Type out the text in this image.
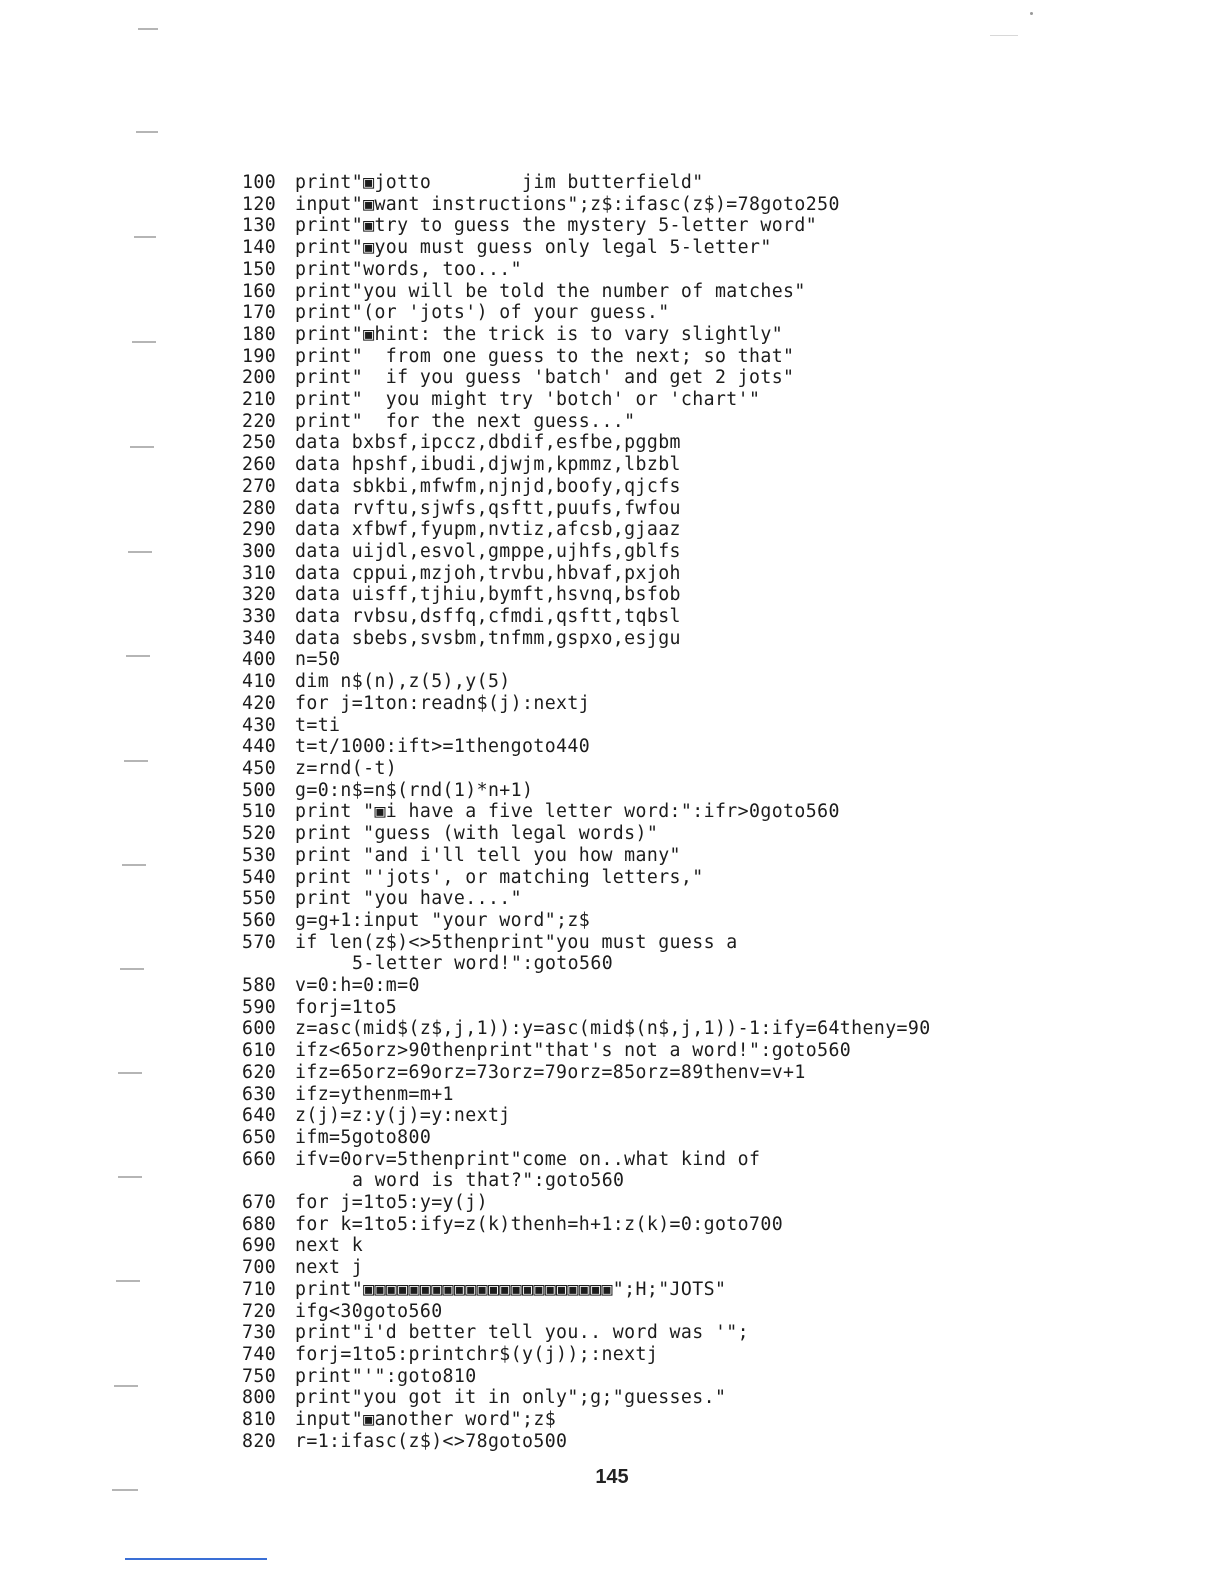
100	print"▣jotto        jim butterfield"
120	input"▣want instructions";z$:ifasc(z$)=78goto250
130	print"▣try to guess the mystery 5-letter word"
140	print"▣you must guess only legal 5-letter"
150	print"words, too..."
160	print"you will be told the number of matches"
170	print"(or 'jots') of your guess."
180	print"▣hint: the trick is to vary slightly"
190	print"  from one guess to the next; so that"
200	print"  if you guess 'batch' and get 2 jots"
210	print"  you might try 'botch' or 'chart'"
220	print"  for the next guess..."
250	data bxbsf,ipccz,dbdif,esfbe,pggbm
260	data hpshf,ibudi,djwjm,kpmmz,lbzbl
270	data sbkbi,mfwfm,njnjd,boofy,qjcfs
280	data rvftu,sjwfs,qsftt,puufs,fwfou
290	data xfbwf,fyupm,nvtiz,afcsb,gjaaz
300	data uijdl,esvol,gmppe,ujhfs,gblfs
310	data cppui,mzjoh,trvbu,hbvaf,pxjoh
320	data uisff,tjhiu,bymft,hsvnq,bsfob
330	data rvbsu,dsffq,cfmdi,qsftt,tqbsl
340	data sbebs,svsbm,tnfmm,gspxo,esjgu
400	n=50
410	dim n$(n),z(5),y(5)
420	for j=1ton:readn$(j):nextj
430	t=ti
440	t=t/1000:ift>=1thengoto440
450	z=rnd(-t)
500	g=0:n$=n$(rnd(1)*n+1)
510	print "▣i have a five letter word:":ifr>0goto560
520	print "guess (with legal words)"
530	print "and i'll tell you how many"
540	print "'jots', or matching letters,"
550	print "you have...."
560	g=g+1:input "your word";z$
570	if len(z$)<>5thenprint"you must guess a
5-letter word!":goto560
580	v=0:h=0:m=0
590	forj=1to5
600	z=asc(mid$(z$,j,1)):y=asc(mid$(n$,j,1))-1:ify=64theny=90
610	ifz<65orz>90thenprint"that's not a word!":goto560
620	ifz=65orz=69orz=73orz=79orz=85orz=89thenv=v+1
630	ifz=ythenm=m+1
640	z(j)=z:y(j)=y:nextj
650	ifm=5goto800
660	ifv=0orv=5thenprint"come on..what kind of
a word is that?":goto560
670	for j=1to5:y=y(j)
680	for k=1to5:ify=z(k)thenh=h+1:z(k)=0:goto700
690	next k
700	next j
710	print"▣▣▣▣▣▣▣▣▣▣▣▣▣▣▣▣▣▣▣▣▣▣";H;"JOTS"
720	ifg<30goto560
730	print"i'd better tell you.. word was '";
740	forj=1to5:printchr$(y(j));:nextj
750	print"'":goto810
800	print"you got it in only";g;"guesses."
810	input"▣another word";z$
820	r=1:ifasc(z$)<>78goto500
145
